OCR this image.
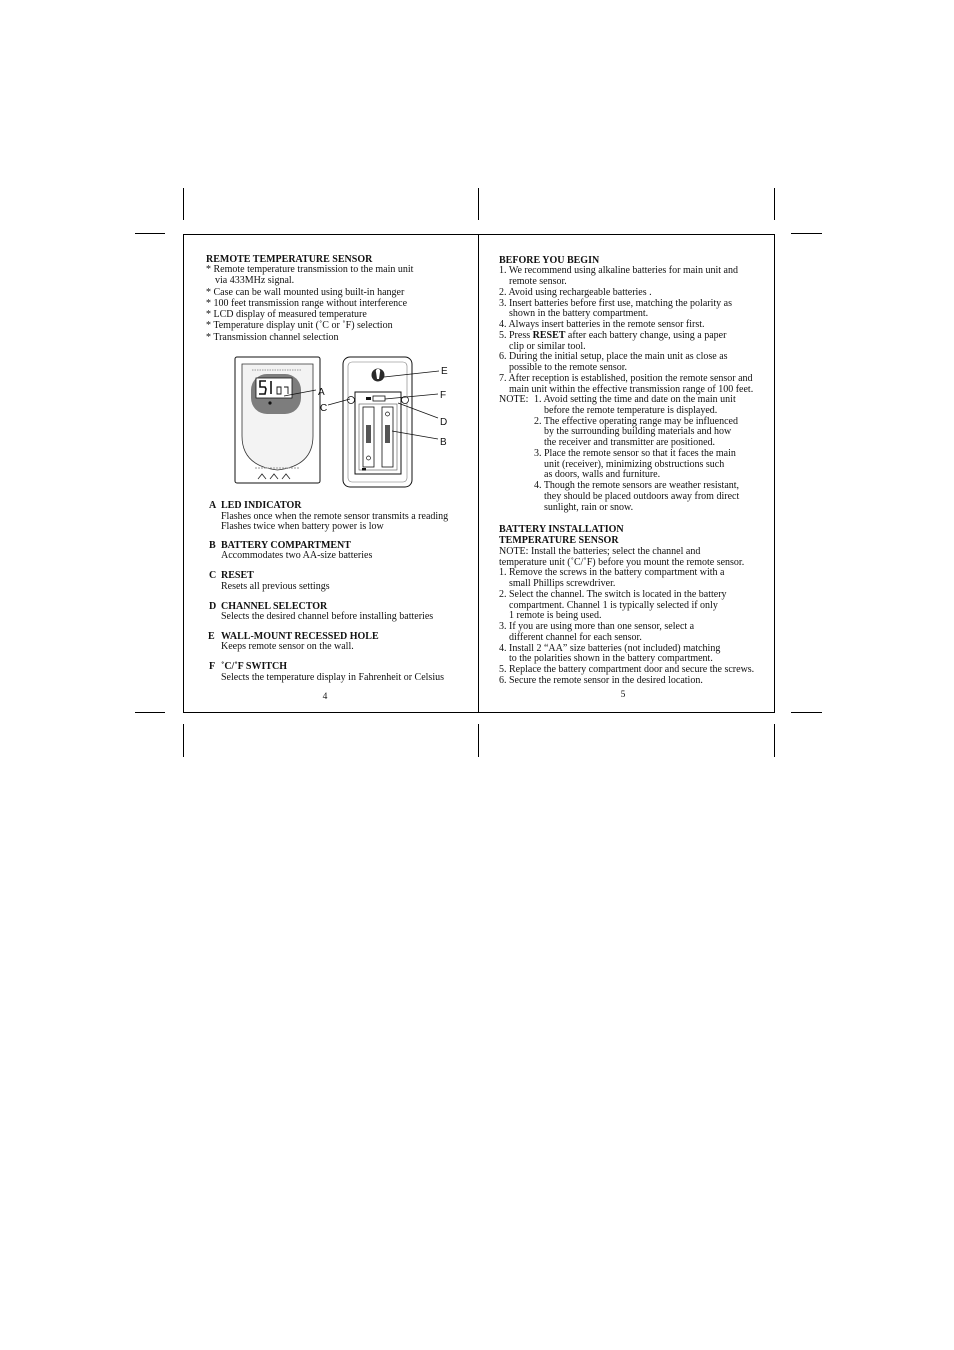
REMOTE TEMPERATURE SENSOR
* Remote temperature transmission to the main unit
via 433MHz signal.
* Case can be wall mounted using built-in hanger
* 100 feet transmission range without interference
* LCD display of measured temperature
* Temperature display unit (˚C or ˚F) selection
* Transmission channel selection
A
C
E
F
D
B
A LED INDICATOR
Flashes once when the remote sensor transmits a reading
Flashes twice when battery power is low
B BATTERY COMPARTMENT
Accommodates two AA-size batteries
C RESET
Resets all previous settings
D CHANNEL SELECTOR
Selects the desired channel before installing batteries
E WALL-MOUNT RECESSED HOLE
Keeps remote sensor on the wall.
F ˚C/˚F SWITCH
Selects the temperature display in Fahrenheit or Celsius
4
BEFORE YOU BEGIN
1. We recommend using alkaline batteries for main unit and
remote sensor.
2. Avoid using rechargeable batteries .
3. Insert batteries before first use, matching the polarity as
shown in the battery compartment.
4. Always insert batteries in the remote sensor first.
5. Press RESET after each battery change, using a paper
clip or similar tool.
6. During the initial setup, place the main unit as close as
possible to the remote sensor.
7. After reception is established, position the remote sensor and
main unit within the effective transmission range of 100 feet.
NOTE: 1. Avoid setting the time and date on the main unit
before the remote temperature is displayed.
2. The effective operating range may be influenced
by the surrounding building materials and how
the receiver and transmitter are positioned.
3. Place the remote sensor so that it faces the main
unit (receiver), minimizing obstructions such
as doors, walls and furniture.
4. Though the remote sensors are weather resistant,
they should be placed outdoors away from direct
sunlight, rain or snow.
BATTERY INSTALLATION
TEMPERATURE SENSOR
NOTE: Install the batteries; select the channel and
temperature unit (˚C/˚F) before you mount the remote sensor.
1. Remove the screws in the battery compartment with a
small Phillips screwdriver.
2. Select the channel. The switch is located in the battery
compartment. Channel 1 is typically selected if only
1 remote is being used.
3. If you are using more than one sensor, select a
different channel for each sensor.
4. Install 2 “AA” size batteries (not included) matching
to the polarities shown in the battery compartment.
5. Replace the battery compartment door and secure the screws.
6. Secure the remote sensor in the desired location.
5
